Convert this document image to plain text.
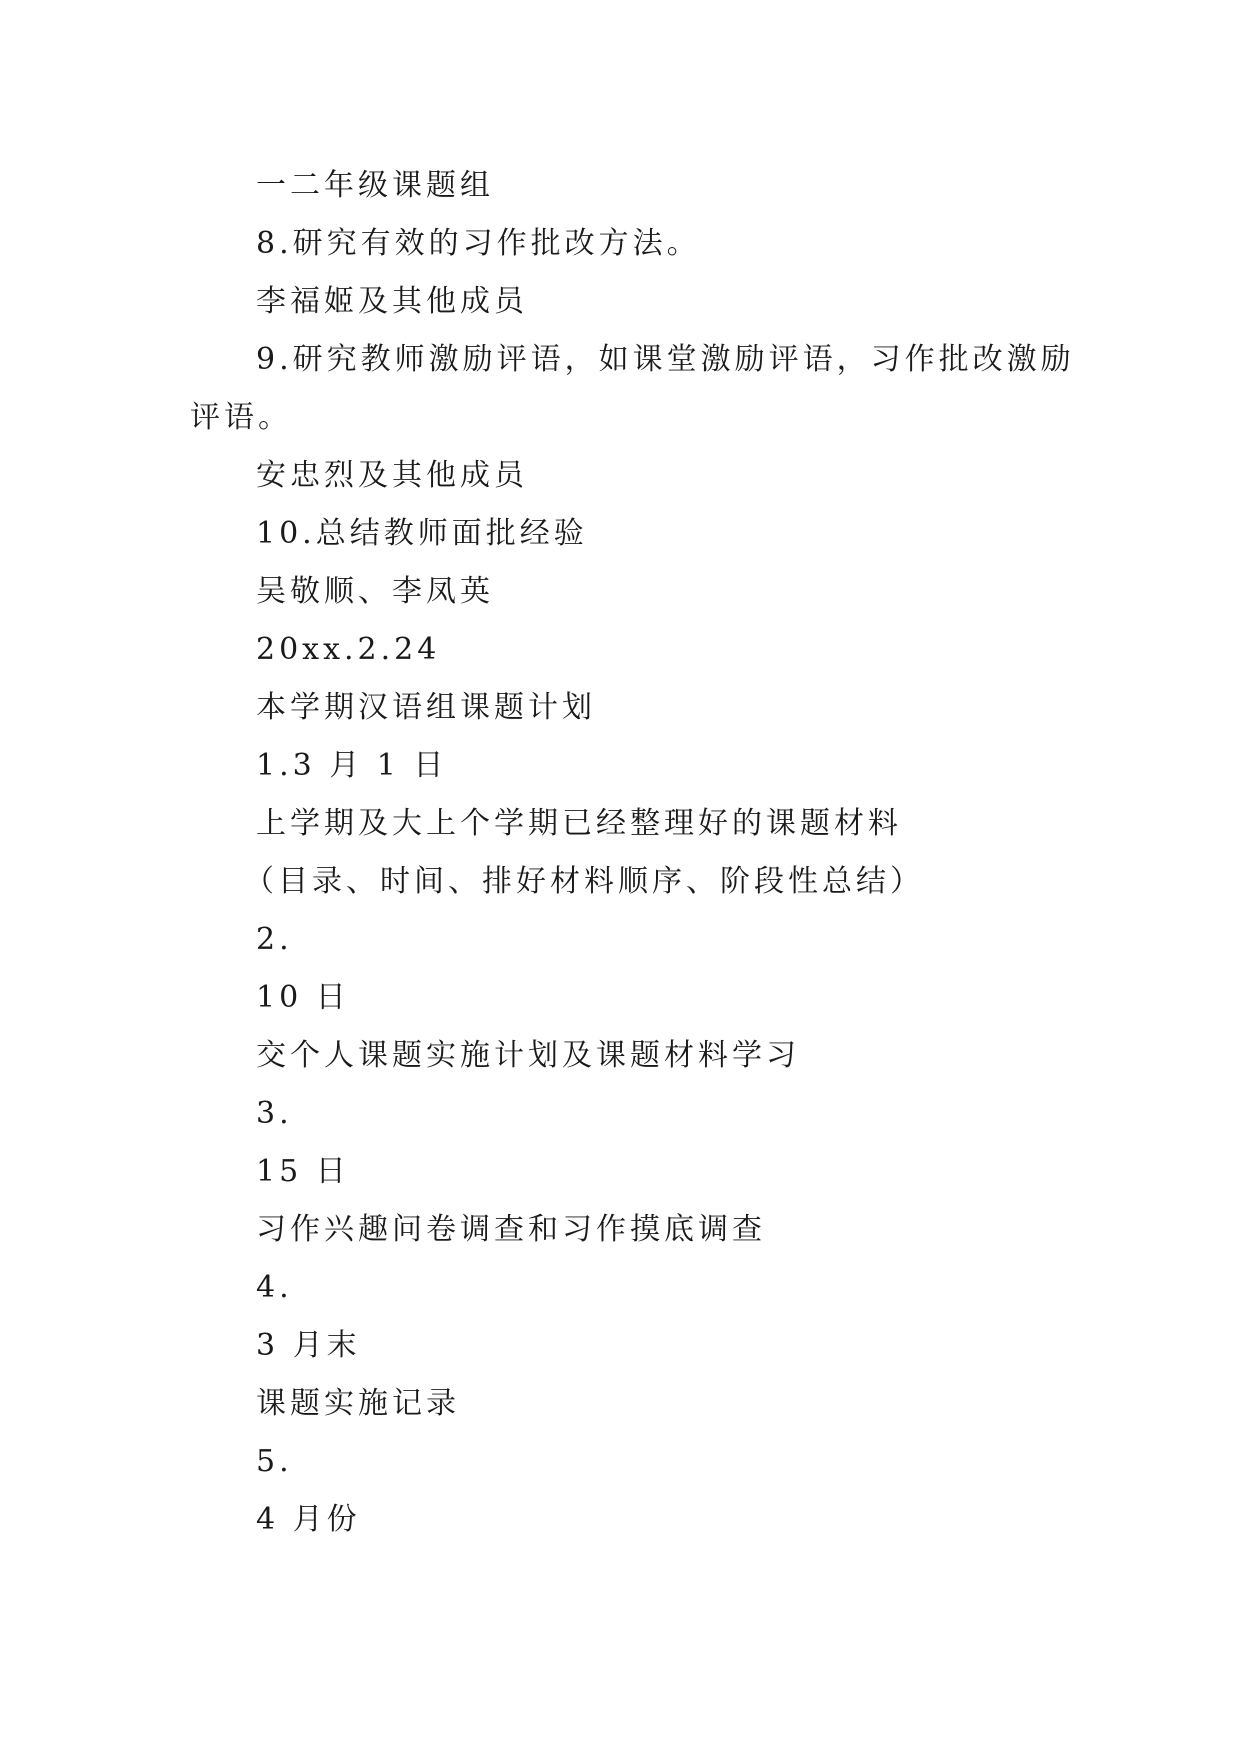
一二年级课题组

8.研究有效的习作批改方法。

李福姬及其他成员

9.研究教师激励评语，如课堂激励评语，习作批改激励

评语。

安忠烈及其他成员

10.总结教师面批经验

吴敬顺、李凤英

20xx.2.24

本学期汉语组课题计划

1.3 月 1 日

上学期及大上个学期已经整理好的课题材料

（目录、时间、排好材料顺序、阶段性总结）

2.

10 日

交个人课题实施计划及课题材料学习

3.

15 日

习作兴趣问卷调查和习作摸底调查

4.

3 月末

课题实施记录

5.

4 月份
